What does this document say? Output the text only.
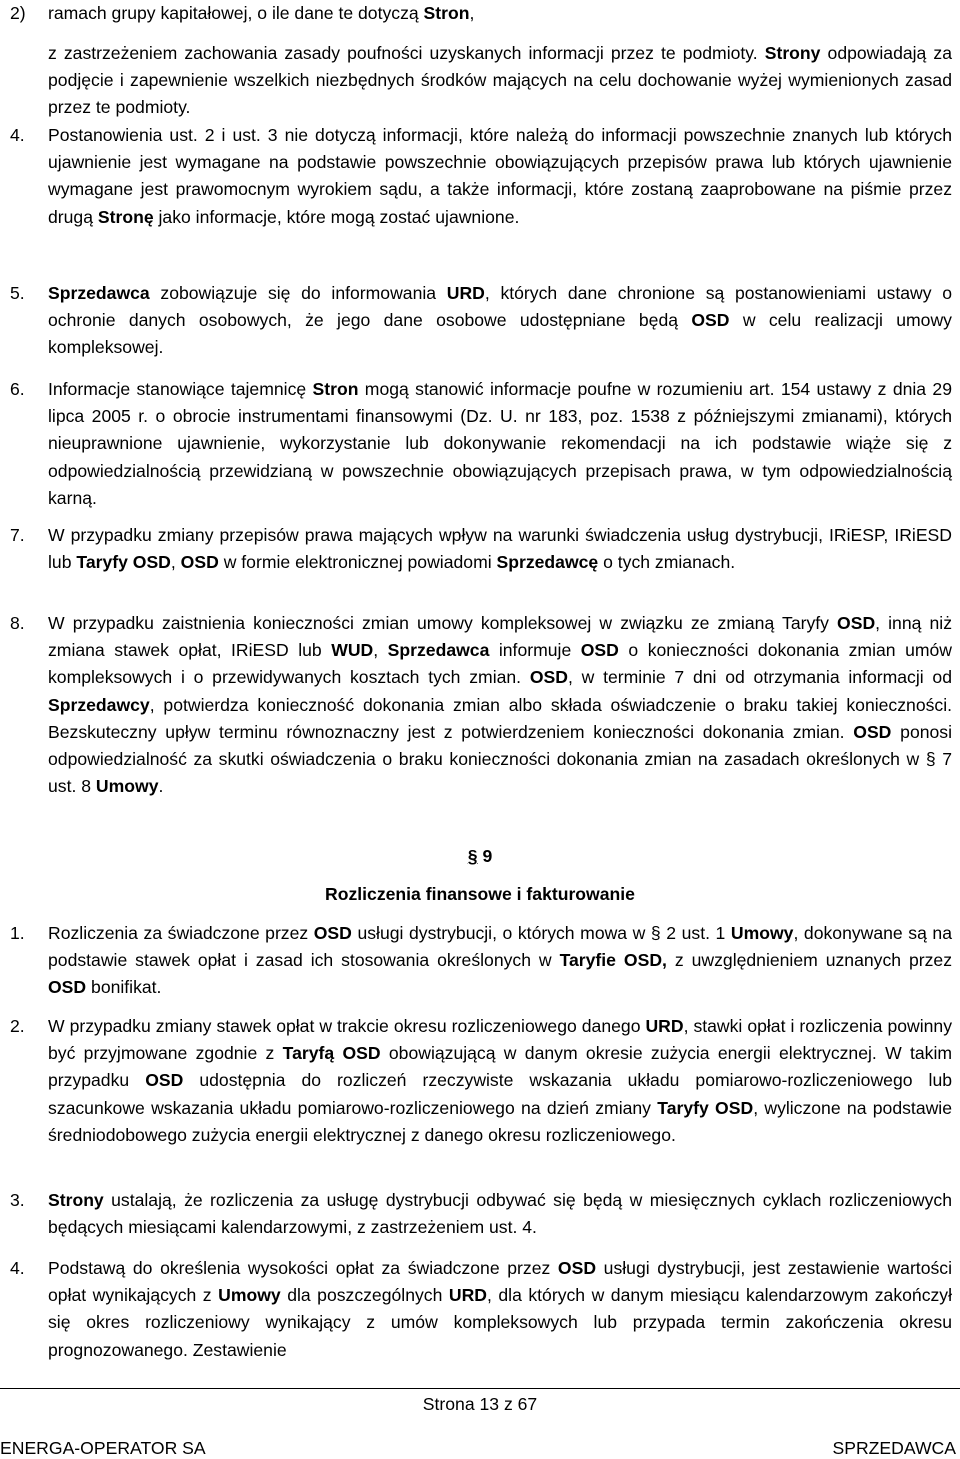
2) ramach grupy kapitałowej, o ile dane te dotyczą Stron,
z zastrzeżeniem zachowania zasady poufności uzyskanych informacji przez te podmioty. Strony odpowiadają za podjęcie i zapewnienie wszelkich niezbędnych środków mających na celu dochowanie wyżej wymienionych zasad przez te podmioty.
4. Postanowienia ust. 2 i ust. 3 nie dotyczą informacji, które należą do informacji powszechnie znanych lub których ujawnienie jest wymagane na podstawie powszechnie obowiązujących przepisów prawa lub których ujawnienie wymagane jest prawomocnym wyrokiem sądu, a także informacji, które zostaną zaaprobowane na piśmie przez drugą Stronę jako informacje, które mogą zostać ujawnione.
5. Sprzedawca zobowiązuje się do informowania URD, których dane chronione są postanowieniami ustawy o ochronie danych osobowych, że jego dane osobowe udostępniane będą OSD w celu realizacji umowy kompleksowej.
6. Informacje stanowiące tajemnicę Stron mogą stanowić informacje poufne w rozumieniu art. 154 ustawy z dnia 29 lipca 2005 r. o obrocie instrumentami finansowymi (Dz. U. nr 183, poz. 1538 z późniejszymi zmianami), których nieuprawnione ujawnienie, wykorzystanie lub dokonywanie rekomendacji na ich podstawie wiąże się z odpowiedzialnością przewidzianą w powszechnie obowiązujących przepisach prawa, w tym odpowiedzialnością karną.
7. W przypadku zmiany przepisów prawa mających wpływ na warunki świadczenia usług dystrybucji, IRiESP, IRiESD lub Taryfy OSD, OSD w formie elektronicznej powiadomi Sprzedawcę o tych zmianach.
8. W przypadku zaistnienia konieczności zmian umowy kompleksowej w związku ze zmianą Taryfy OSD, inną niż zmiana stawek opłat, IRiESD lub WUD, Sprzedawca informuje OSD o konieczności dokonania zmian umów kompleksowych i o przewidywanych kosztach tych zmian. OSD, w terminie 7 dni od otrzymania informacji od Sprzedawcy, potwierdza konieczność dokonania zmian albo składa oświadczenie o braku takiej konieczności. Bezskuteczny upływ terminu równoznaczny jest z potwierdzeniem konieczności dokonania zmian. OSD ponosi odpowiedzialność za skutki oświadczenia o braku konieczności dokonania zmian na zasadach określonych w § 7 ust. 8 Umowy.
1. Rozliczenia za świadczone przez OSD usługi dystrybucji, o których mowa w § 2 ust. 1 Umowy, dokonywane są na podstawie stawek opłat i zasad ich stosowania określonych w Taryfie OSD, z uwzględnieniem uznanych przez OSD bonifikat.
2. W przypadku zmiany stawek opłat w trakcie okresu rozliczeniowego danego URD, stawki opłat i rozliczenia powinny być przyjmowane zgodnie z Taryfą OSD obowiązującą w danym okresie zużycia energii elektrycznej. W takim przypadku OSD udostępnia do rozliczeń rzeczywiste wskazania układu pomiarowo-rozliczeniowego lub szacunkowe wskazania układu pomiarowo-rozliczeniowego na dzień zmiany Taryfy OSD, wyliczone na podstawie średniodobowego zużycia energii elektrycznej z danego okresu rozliczeniowego.
3. Strony ustalają, że rozliczenia za usługę dystrybucji odbywać się będą w miesięcznych cyklach rozliczeniowych będących miesiącami kalendarzowymi, z zastrzeżeniem ust. 4.
4. Podstawą do określenia wysokości opłat za świadczone przez OSD usługi dystrybucji, jest zestawienie wartości opłat wynikających z Umowy dla poszczególnych URD, dla których w danym miesiącu kalendarzowym zakończył się okres rozliczeniowy wynikający z umów kompleksowych lub przypada termin zakończenia okresu prognozowanego. Zestawienie
§ 9
Rozliczenia finansowe i fakturowanie
Strona 13 z 67
ENERGA-OPERATOR SA	SPRZEDAWCA
